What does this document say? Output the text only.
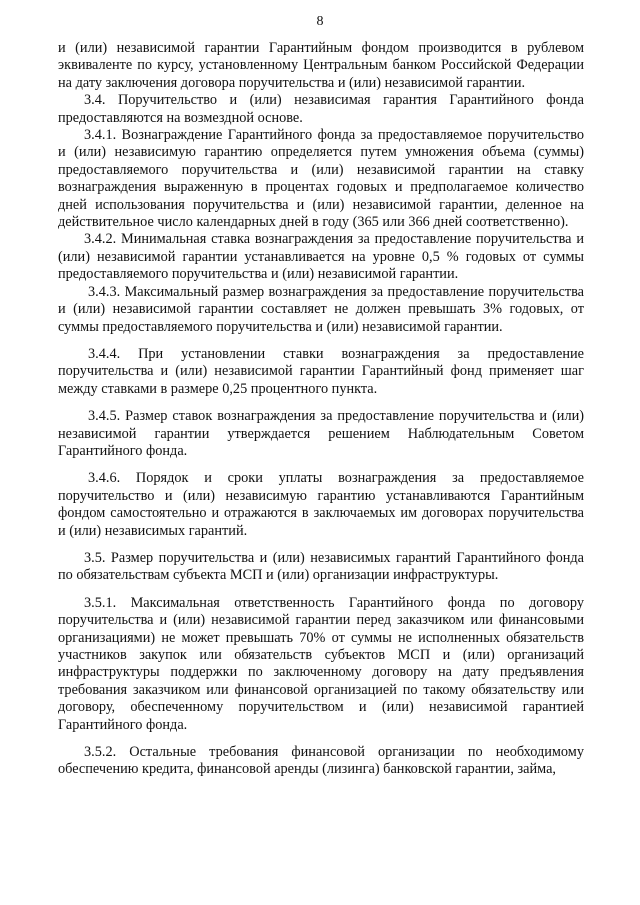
8

и (или) независимой гарантии Гарантийным фондом производится в рублевом эквиваленте по курсу, установленному Центральным банком Российской Федерации на дату заключения договора поручительства и (или) независимой гарантии.

3.4. Поручительство и (или) независимая гарантия Гарантийного фонда предоставляются на возмездной основе.

3.4.1. Вознаграждение Гарантийного фонда за предоставляемое поручительство и (или) независимую гарантию определяется путем умножения объема (суммы) предоставляемого поручительства и (или) независимой гарантии на ставку вознаграждения выраженную в процентах годовых и предполагаемое количество дней использования поручительства и (или) независимой гарантии, деленное на действительное число календарных дней в году (365 или 366 дней соответственно).

3.4.2. Минимальная ставка вознаграждения за предоставление поручительства и (или) независимой гарантии устанавливается на уровне 0,5 % годовых от суммы предоставляемого поручительства и (или) независимой гарантии.

3.4.3. Максимальный размер вознаграждения за предоставление поручительства и (или) независимой гарантии составляет не должен превышать 3% годовых, от суммы предоставляемого поручительства и (или) независимой гарантии.

3.4.4. При установлении ставки вознаграждения за предоставление поручительства и (или) независимой гарантии Гарантийный фонд применяет шаг между ставками в размере 0,25 процентного пункта.

3.4.5. Размер ставок вознаграждения за предоставление поручительства и (или) независимой гарантии утверждается решением Наблюдательным Советом Гарантийного фонда.

3.4.6. Порядок и сроки уплаты вознаграждения за предоставляемое поручительство и (или) независимую гарантию устанавливаются Гарантийным фондом самостоятельно и отражаются в заключаемых им договорах поручительства и (или) независимых гарантий.

3.5. Размер поручительства и (или) независимых гарантий Гарантийного фонда по обязательствам субъекта МСП и (или) организации инфраструктуры.

3.5.1. Максимальная ответственность Гарантийного фонда по договору поручительства и (или) независимой гарантии перед заказчиком или финансовыми организациями) не может превышать 70% от суммы не исполненных обязательств участников закупок или обязательств субъектов МСП и (или) организаций инфраструктуры поддержки по заключенному договору на дату предъявления требования заказчиком или финансовой организацией по такому обязательству или договору, обеспеченному поручительством и (или) независимой гарантией Гарантийного фонда.

3.5.2. Остальные требования финансовой организации по необходимому обеспечению кредита, финансовой аренды (лизинга) банковской гарантии, займа,
